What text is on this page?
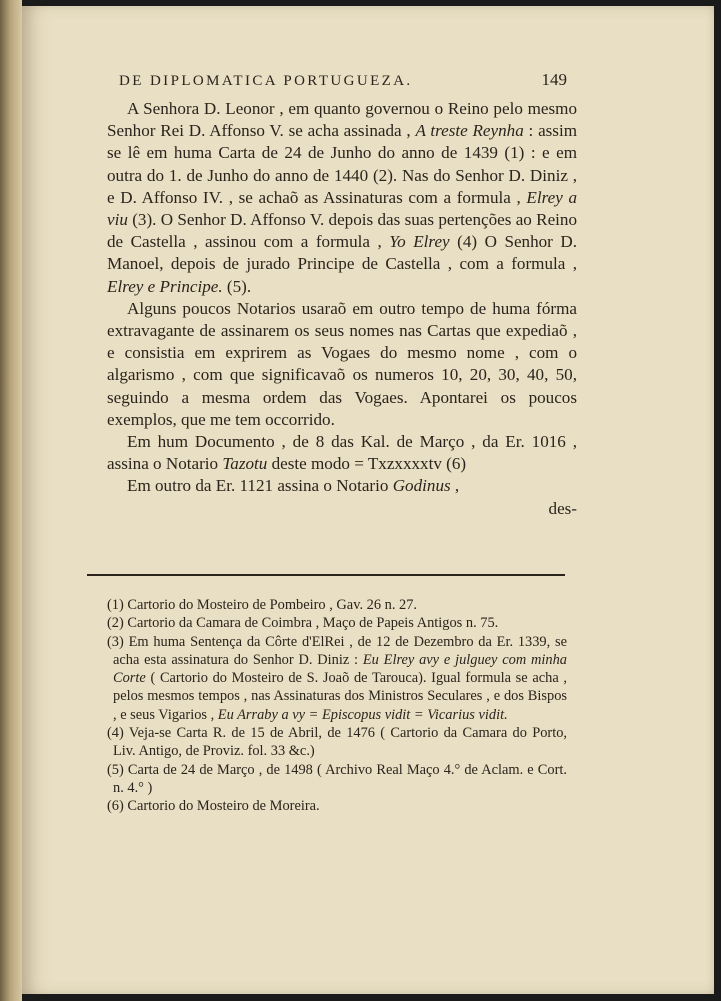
DE DIPLOMATICA PORTUGUEZA.	149

A Senhora D. Leonor , em quanto governou o Reino pelo mesmo Senhor Rei D. Affonso V. se acha assinada , A treste Reynha : assim se lê em huma Carta de 24 de Junho do anno de 1439 (1) : e em outra do 1. de Junho do anno de 1440 (2). Nas do Senhor D. Diniz , e D. Affonso IV. , se achaõ as Assinaturas com a formula , Elrey a viu (3). O Senhor D. Affonso V. depois das suas pertenções ao Reino de Castella , assinou com a formula , Yo Elrey (4) O Senhor D. Manoel, depois de jurado Principe de Castella , com a formula , Elrey e Principe. (5).

Alguns poucos Notarios usaraõ em outro tempo de huma fórma extravagante de assinarem os seus nomes nas Cartas que expediaõ , e consistia em exprirem as Vogaes do mesmo nome , com o algarismo , com que significavaõ os numeros 10, 20, 30, 40, 50, seguindo a mesma ordem das Vogaes. Apontarei os poucos exemplos, que me tem occorrido.

Em hum Documento , de 8 das Kal. de Março , da Er. 1016 , assina o Notario Tazotu deste modo = Txzxxxxtv (6)

Em outro da Er. 1121 assina o Notario Godinus ,

des-

(1) Cartorio do Mosteiro de Pombeiro , Gav. 26 n. 27.

(2) Cartorio da Camara de Coimbra , Maço de Papeis Antigos n. 75.

(3) Em huma Sentença da Côrte d'ElRei , de 12 de Dezembro da Er. 1339, se acha esta assinatura do Senhor D. Diniz : Eu Elrey avy e julguey com minha Corte ( Cartorio do Mosteiro de S. Joaõ de Tarouca). Igual formula se acha , pelos mesmos tempos , nas Assinaturas dos Ministros Seculares , e dos Bispos , e seus Vigarios , Eu Arraby a vy = Episcopus vidit = Vicarius vidit.

(4) Veja-se Carta R. de 15 de Abril, de 1476 ( Cartorio da Camara do Porto, Liv. Antigo, de Proviz. fol. 33 &c.)

(5) Carta de 24 de Março , de 1498 ( Archivo Real Maço 4.° de Aclam. e Cort. n. 4.° )

(6) Cartorio do Mosteiro de Moreira.
